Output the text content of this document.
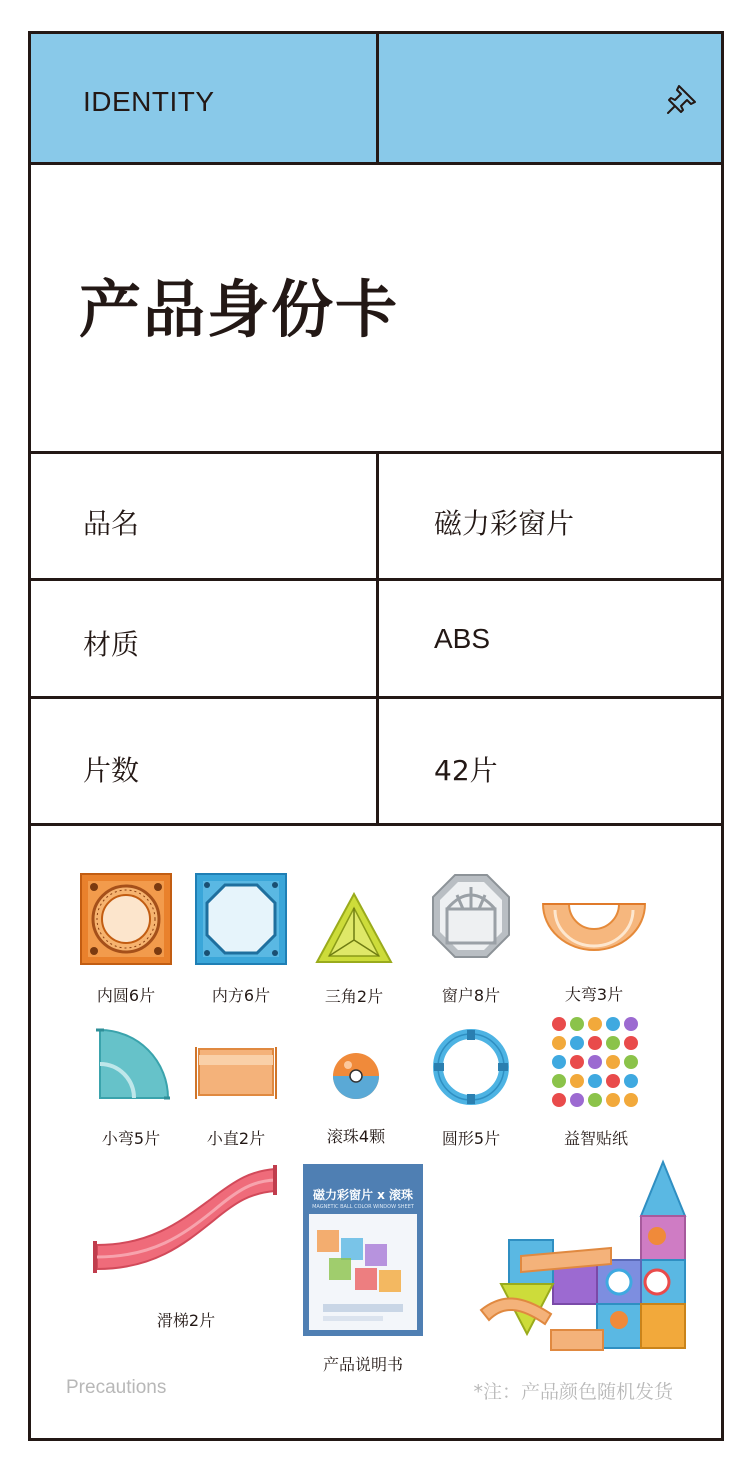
IDENTITY
产品身份卡
品名	磁力彩窗片
材质	ABS
片数	42片
内圆6片	内方6片	三角2片	窗户8片	大弯3片
小弯5片	小直2片	滚珠4颗	圆形5片	益智贴纸
滑梯2片
磁力彩窗片 x 滚珠
MAGNETIC BALL COLOR WINDOW SHEET
产品说明书
Precautions	*注：产品颜色随机发货
